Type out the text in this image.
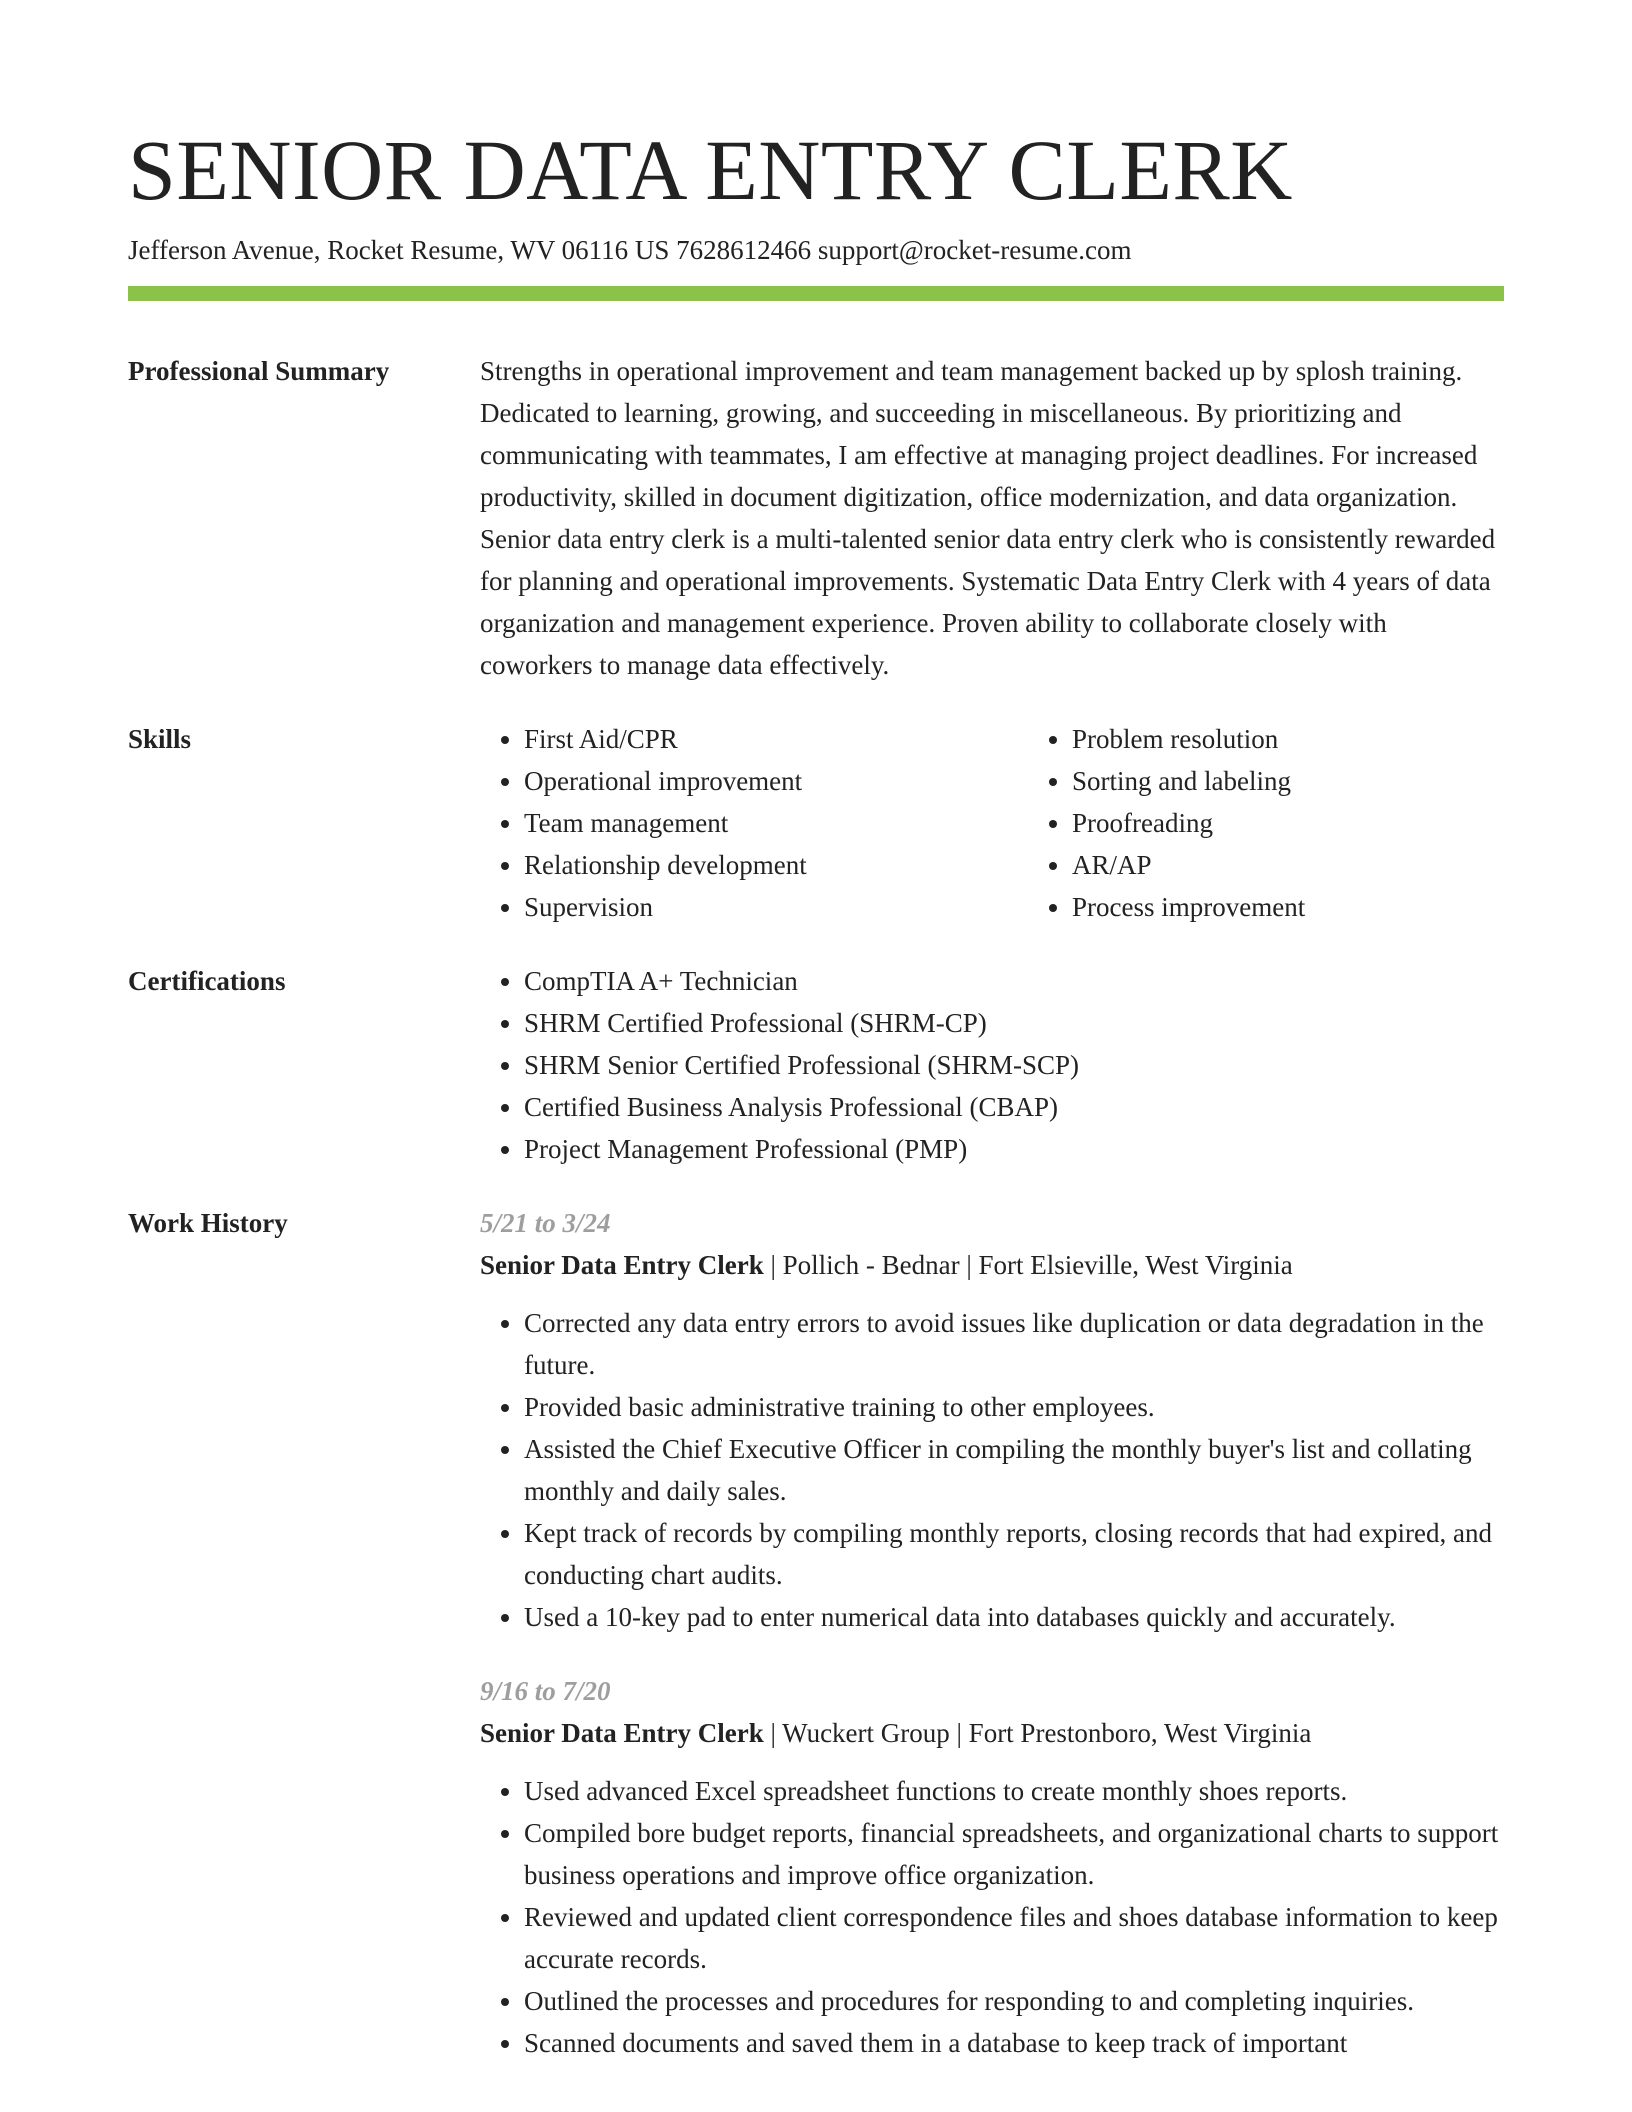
SENIOR DATA ENTRY CLERK

Jefferson Avenue, Rocket Resume, WV 06116 US 7628612466 support@rocket-resume.com

Professional Summary	Strengths in operational improvement and team management backed up by splosh training. Dedicated to learning, growing, and succeeding in miscellaneous. By prioritizing and communicating with teammates, I am effective at managing project deadlines. For increased productivity, skilled in document digitization, office modernization, and data organization. Senior data entry clerk is a multi-talented senior data entry clerk who is consistently rewarded for planning and operational improvements. Systematic Data Entry Clerk with 4 years of data organization and management experience. Proven ability to collaborate closely with coworkers to manage data effectively.

Skills	• First Aid/CPR
• Operational improvement
• Team management
• Relationship development
• Supervision
• Problem resolution
• Sorting and labeling
• Proofreading
• AR/AP
• Process improvement
Certifications	• CompTIA A+ Technician
• SHRM Certified Professional (SHRM-CP)
• SHRM Senior Certified Professional (SHRM-SCP)
• Certified Business Analysis Professional (CBAP)
• Project Management Professional (PMP)
Work History	5/21 to 3/24

Senior Data Entry Clerk | Pollich - Bednar | Fort Elsieville, West Virginia

• Corrected any data entry errors to avoid issues like duplication or data degradation in the future.
• Provided basic administrative training to other employees.
• Assisted the Chief Executive Officer in compiling the monthly buyer's list and collating monthly and daily sales.
• Kept track of records by compiling monthly reports, closing records that had expired, and conducting chart audits.
• Used a 10-key pad to enter numerical data into databases quickly and accurately.

9/16 to 7/20

Senior Data Entry Clerk | Wuckert Group | Fort Prestonboro, West Virginia

• Used advanced Excel spreadsheet functions to create monthly shoes reports.
• Compiled bore budget reports, financial spreadsheets, and organizational charts to support business operations and improve office organization.
• Reviewed and updated client correspondence files and shoes database information to keep accurate records.
• Outlined the processes and procedures for responding to and completing inquiries.
• Scanned documents and saved them in a database to keep track of important
